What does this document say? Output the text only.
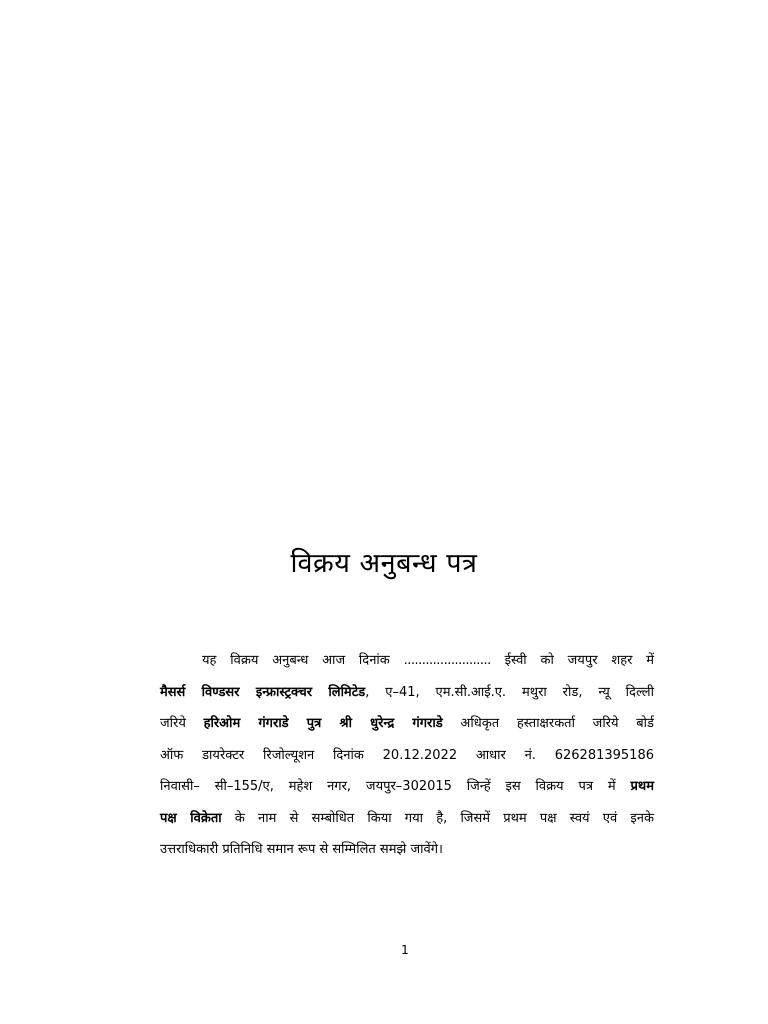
विक्रय अनुबन्ध पत्र
यह विक्रय अनुबन्ध आज दिनांक ........................ ईस्वी को जयपुर शहर में
मैसर्स विण्डसर इन्फ्रास्ट्रक्चर लिमिटेड, ए–41, एम.सी.आई.ए. मथुरा रोड, न्यू दिल्ली
जरिये हरिओम गंगराडे पुत्र श्री धुरेन्द्र गंगराडे अधिकृत हस्ताक्षरकर्ता जरिये बोर्ड
ऑफ डायरेक्टर रिजोल्यूशन दिनांक 20.12.2022 आधार नं. 626281395186
निवासी– सी–155/ए, महेश नगर, जयपुर–302015 जिन्हें इस विक्रय पत्र में प्रथम
पक्ष विक्रेता के नाम से सम्बोधित किया गया है, जिसमें प्रथम पक्ष स्वयं एवं इनके
उत्तराधिकारी प्रतिनिधि समान रूप से सम्मिलित समझे जावेंगे।
1
